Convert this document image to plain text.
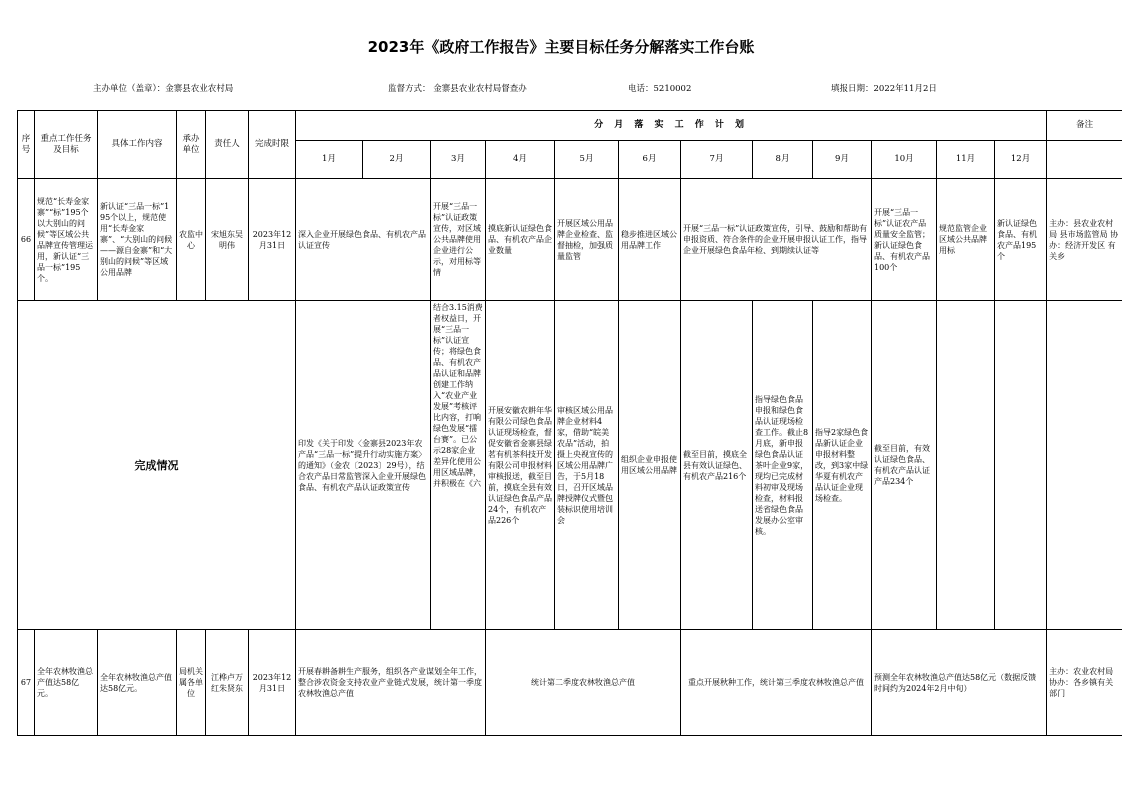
2023年《政府工作报告》主要目标任务分解落实工作台账
主办单位（盖章）：金寨县农业农村局	监督方式： 金寨县农业农村局督查办	电话：5210002	填报日期：2022年11月2日
序号	重点工作任务及目标	具体工作内容	承办单位	责任人	完成时限	分 月 落 实 工 作 计 划												备注
						1月	2月	3月	4月	5月	6月	7月	8月	9月	10月	11月	12月	
66	规范“长寿金家寨”“标”195个以大别山的问候”等区域公共品牌宣传管理运用，新认证“三品一标”195个。	新认证“三品一标”195个以上，规范使用“长寿金家寨”、“大别山的问候——源自金寨”和“大别山的问候”等区域公用品牌	农监中心	宋旭东吴明伟	2023年12月31日	深入企业开展绿色食品、有机农产品认证宣传		开展“三品一标”认证政策宣传，对区域公共品牌使用企业进行公示，对用标等情	摸底新认证绿色食品、有机农产品企业数量	开展区域公用品牌企业检查、监督抽检，加强质量监管	稳步推进区域公用品牌工作	开展“三品一标”认证政策宣传，引导、鼓励和帮助有申报资质、符合条件的企业开展申报认证工作，指导企业开展绿色食品年检、到期续认证等			开展“三品一标”认证农产品质量安全监管；新认证绿色食品、有机农产品100个	规范监管企业区域公共品牌用标	新认证绿色食品、有机农产品195个	主办：县农业农村局 县市场监管局 协办：经济开发区 有关乡
完成情况						印发《关于印发〈金寨县2023年农产品“三品一标”提升行动实施方案〉的通知》（金农〔2023〕29号），结合农产品日常监管深入企业开展绿色食品、有机农产品认证政策宣传		结合3.15消费者权益日，开展“三品一标”认证宣传；将绿色食品、有机农产品认证和品牌创建工作纳入“农业产业发展”考核评比内容，打响绿色发展“擂台赛”。已公示28家企业差异化使用公用区域品牌，并积极在《六	开展安徽农耕年华有限公司绿色食品认证现场检查，督促安徽省金寨县绿茗有机茶科技开发有限公司申报材料审核报送，截至目前，摸底全县有效认证绿色食品产品24个，有机农产品226个	审核区域公用品牌企业材料4家，借助“皖美农品”活动，拍摄上央视宣传的区域公用品牌广告，于5月18日，召开区域品牌授牌仪式暨包装标识使用培训会	组织企业申报使用区域公用品牌	截至目前，摸底全县有效认证绿色、有机农产品216个	指导绿色食品申报和绿色食品认证现场检查工作。截止8月底，新申报绿色食品认证茶叶企业9家，现均已完成材料初审及现场检查，材料报送省绿色食品发展办公室审核。	指导2家绿色食品新认证企业申报材料整改，到3家中绿华夏有机农产品认证企业现场检查。	截至目前，有效认证绿色食品、有机农产品认证产品234个			
67	全年农林牧渔总产值达58亿元。	全年农林牧渔总产值达58亿元。	局机关属各单位	江桦卢万红朱贤东	2023年12月31日	开展春耕备耕生产服务，组织各产业谋划全年工作，整合涉农资金支持农业产业链式发展，统计第一季度农林牧渔总产值			统计第二季度农林牧渔总产值			重点开展秋种工作，统计第三季度农林牧渔总产值			预测全年农林牧渔总产值达58亿元（数据反馈时间约为2024年2月中旬）			主办：农业农村局 协办：各乡镇有关部门
